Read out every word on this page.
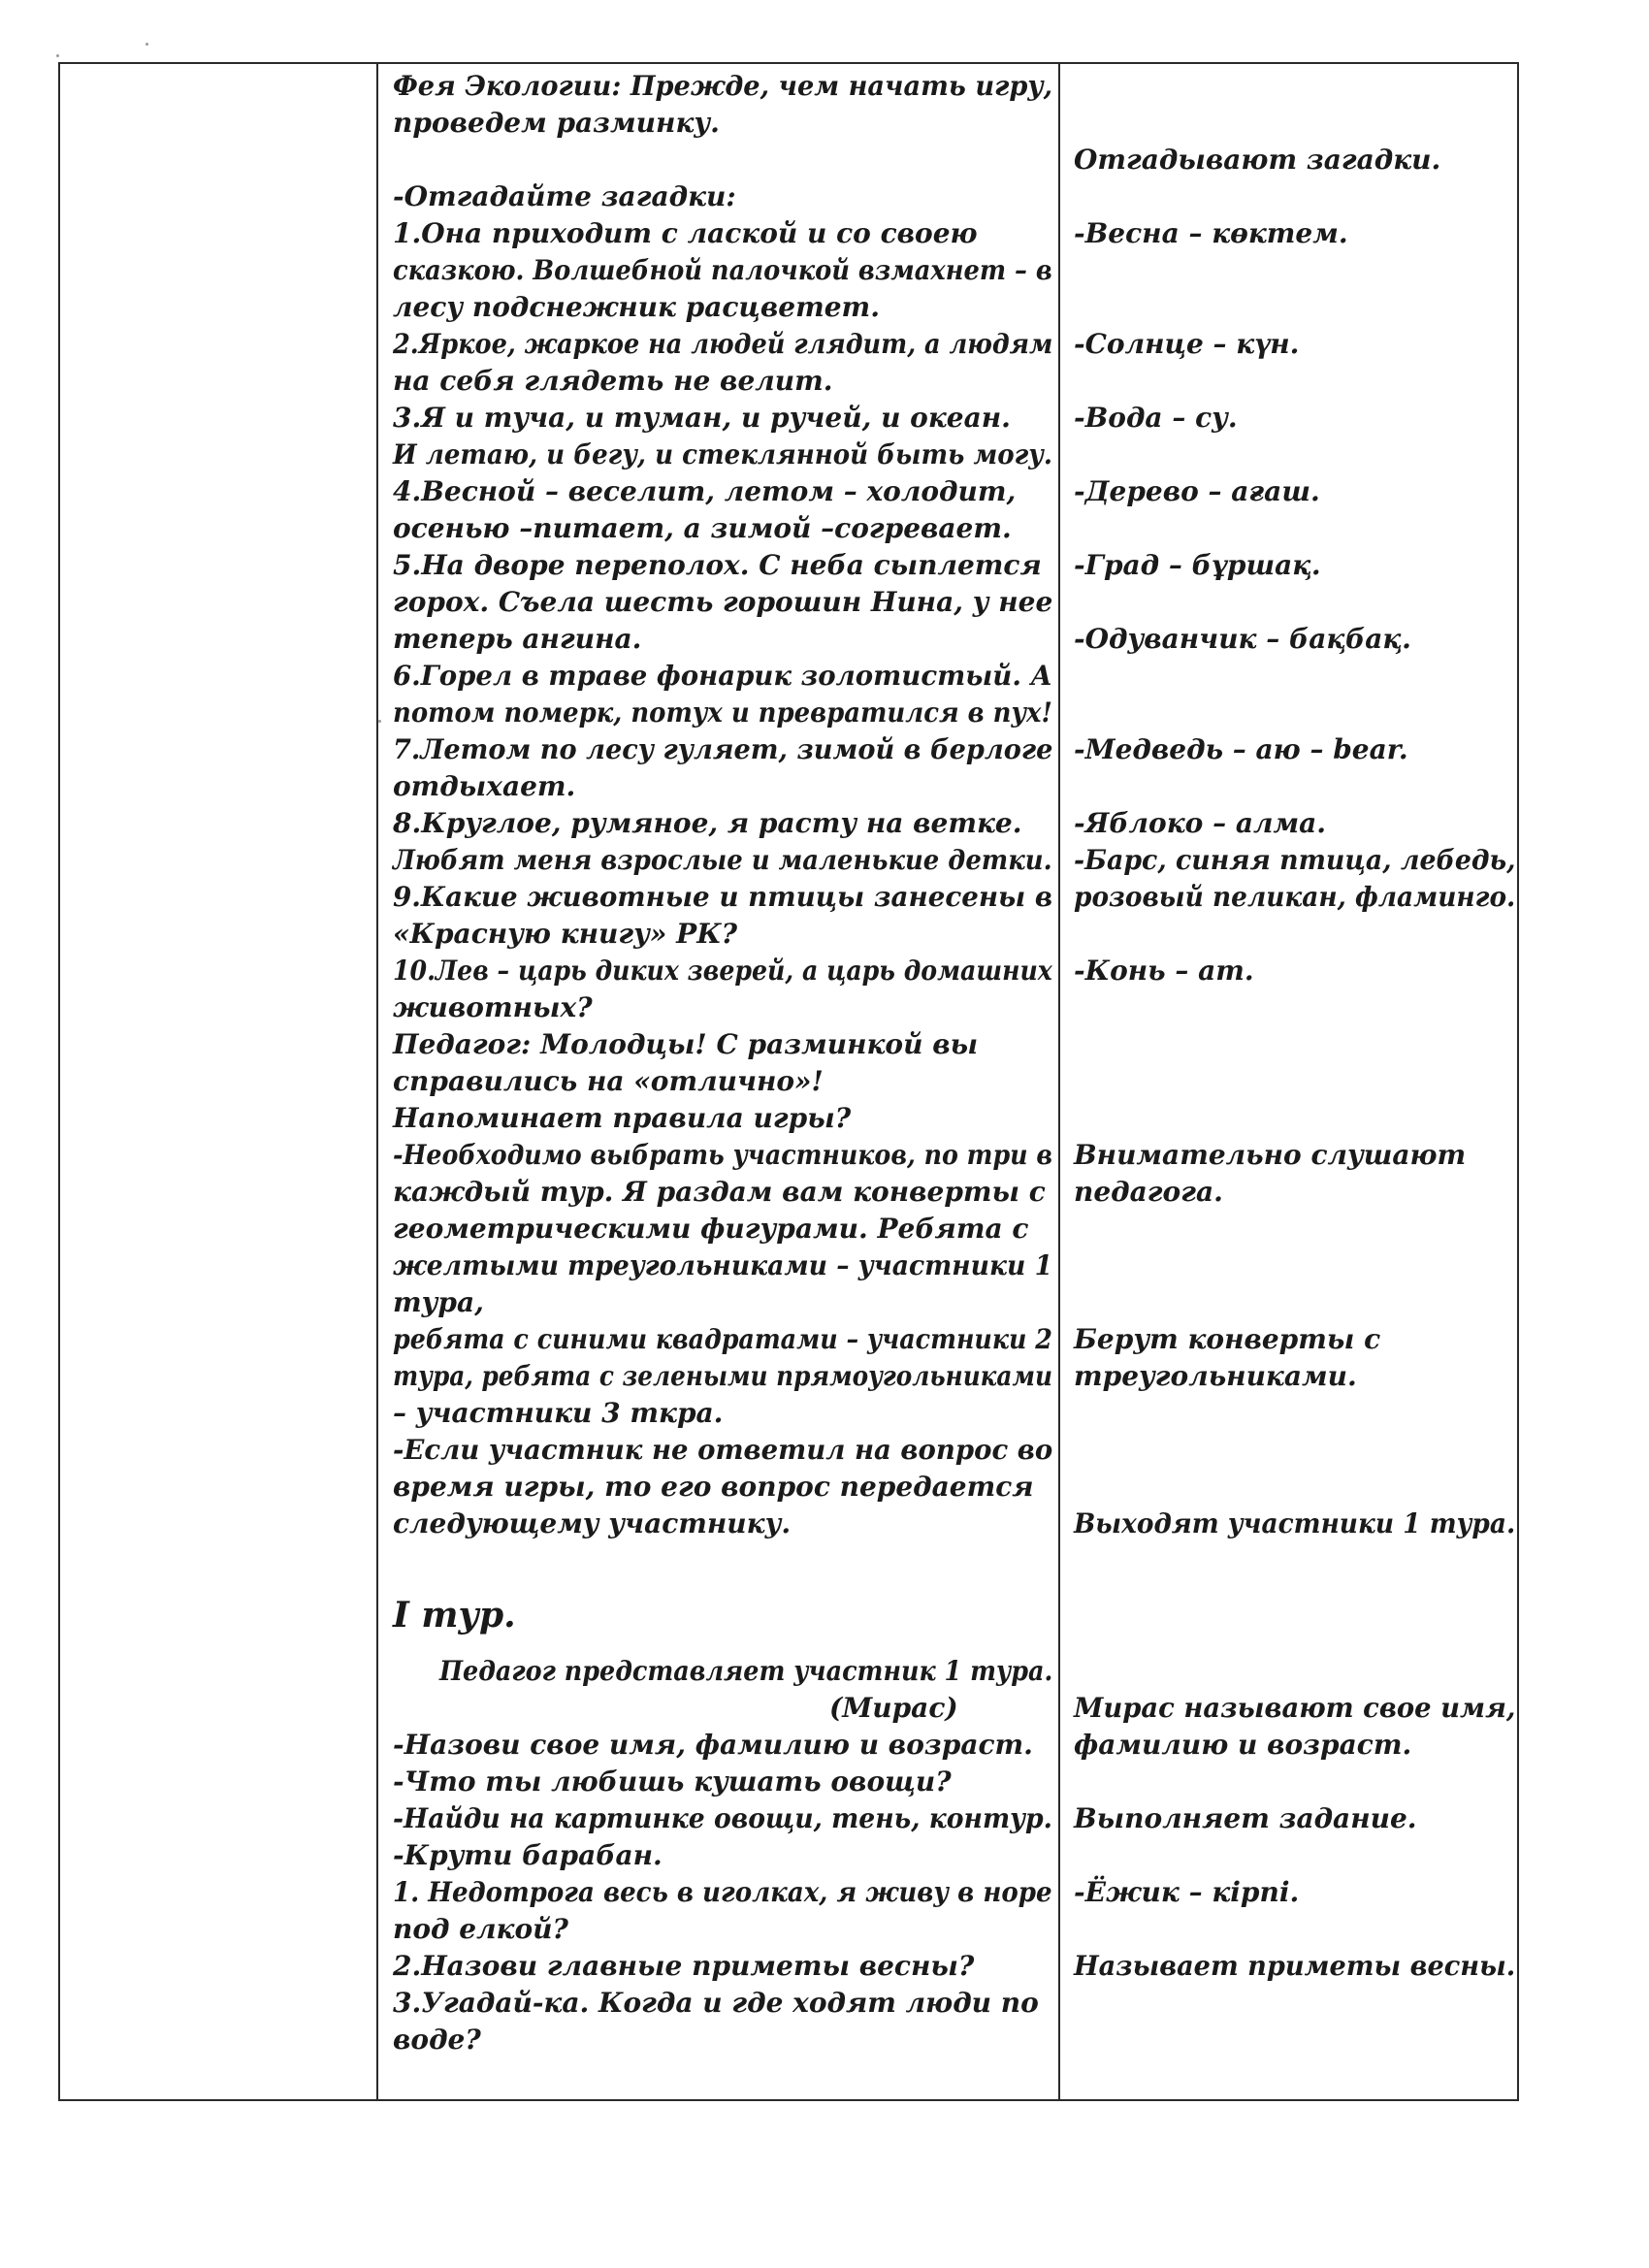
Фея Экологии: Прежде, чем начать игру,
проведем разминку.
-Отгадайте загадки:
1.Она приходит с лаской и со своею
сказкою. Волшебной палочкой взмахнет – в
лесу подснежник расцветет.
2.Яркое, жаркое на людей глядит, а людям
на себя глядеть не велит.
3.Я и туча, и туман, и ручей, и океан.
И летаю, и бегу, и стеклянной быть могу.
4.Весной – веселит, летом – холодит,
осенью –питает, а зимой –согревает.
5.На дворе переполох. С неба сыплется
горох. Съела шесть горошин Нина, у нее
теперь ангина.
6.Горел в траве фонарик золотистый. А
потом померк, потух и превратился в пух!
7.Летом по лесу гуляет, зимой в берлоге
отдыхает.
8.Круглое, румяное, я расту на ветке.
Любят меня взрослые и маленькие детки.
9.Какие животные и птицы занесены в
«Красную книгу» РК?
10.Лев – царь диких зверей, а царь домашних
животных?
Педагог: Молодцы! С разминкой вы
справились на «отлично»!
Напоминает правила игры?
-Необходимо выбрать участников, по три в
каждый тур. Я раздам вам конверты с
геометрическими фигурами. Ребята с
желтыми треугольниками – участники 1
тура,
ребята с синими квадратами – участники 2
тура, ребята с зелеными прямоугольниками
– участники 3 ткра.
-Если участник не ответил на вопрос во
время игры, то его вопрос передается
следующему участнику.
I тур.
Педагог представляет участник 1 тура.
(Мирас)
-Назови свое имя, фамилию и возраст.
-Что ты любишь кушать овощи?
-Найди на картинке овощи, тень, контур.
-Крути барабан.
1. Недотрога весь в иголках, я живу в норе
под елкой?
2.Назови главные приметы весны?
3.Угадай-ка. Когда и где ходят люди по
воде?
Отгадывают загадки.
-Весна – көктем.
-Солнце – күн.
-Вода – су.
-Дерево – ағаш.
-Град – бұршақ.
-Одуванчик – бақбақ.
-Медведь – аю – bear.
-Яблоко – алма.
-Барс, синяя птица, лебедь,
розовый пеликан, фламинго.
-Конь – ат.
Внимательно слушают
педагога.
Берут конверты с
треугольниками.
Выходят участники 1 тура.
Мирас называют свое имя,
фамилию и возраст.
Выполняет задание.
-Ёжик – кірпі.
Называет приметы весны.
